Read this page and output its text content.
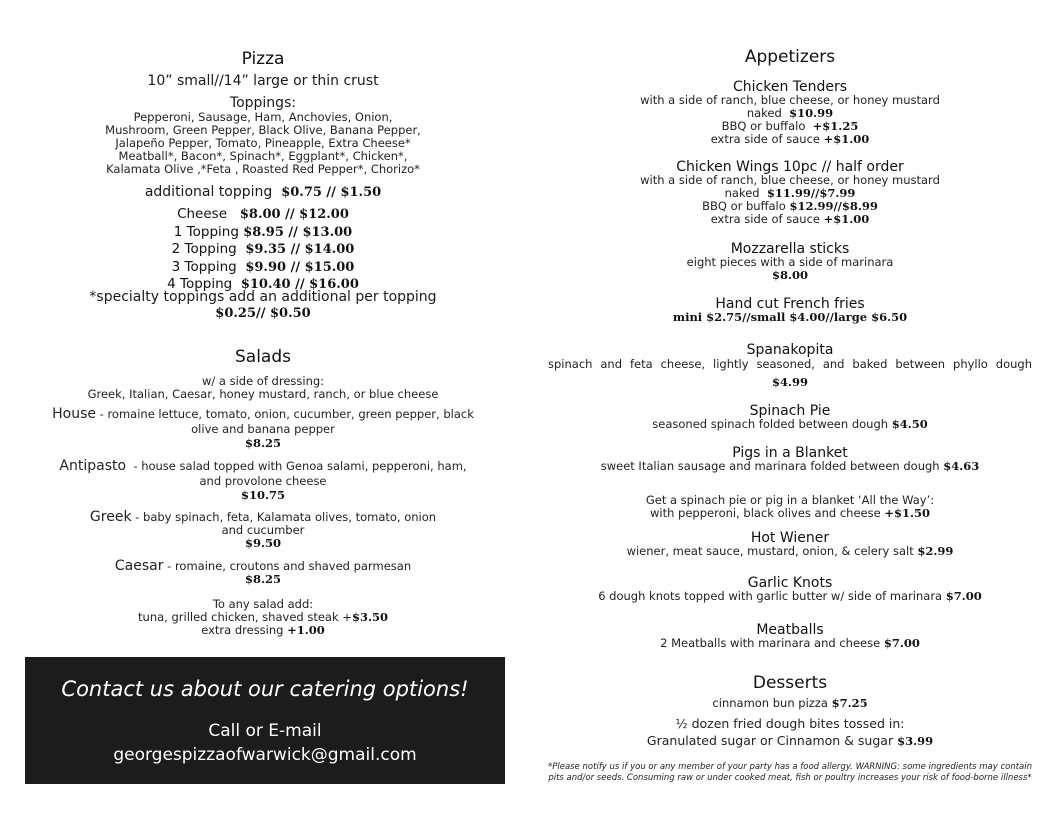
Pizza
10” small//14” large or thin crust
Toppings:
Pepperoni, Sausage, Ham, Anchovies, Onion,
Mushroom, Green Pepper, Black Olive, Banana Pepper,
Jalapeño Pepper, Tomato, Pineapple, Extra Cheese*
Meatball*, Bacon*, Spinach*, Eggplant*, Chicken*,
Kalamata Olive ,*Feta , Roasted Red Pepper*, Chorizo*
additional topping $0.75 // $1.50
Cheese $8.00 // $12.00
1 Topping $8.95 // $13.00
2 Topping $9.35 // $14.00
3 Topping $9.90 // $15.00
4 Topping $10.40 // $16.00
*specialty toppings add an additional per topping
$0.25// $0.50
Salads
w/ a side of dressing:
Greek, Italian, Caesar, honey mustard, ranch, or blue cheese
House - romaine lettuce, tomato, onion, cucumber, green pepper, black
olive and banana pepper
$8.25
Antipasto - house salad topped with Genoa salami, pepperoni, ham,
and provolone cheese
$10.75
Greek - baby spinach, feta, Kalamata olives, tomato, onion
and cucumber
$9.50
Caesar - romaine, croutons and shaved parmesan
$8.25
To any salad add:
tuna, grilled chicken, shaved steak +$3.50
extra dressing +1.00
Contact us about our catering options!
Call or E-mail
georgespizzaofwarwick@gmail.com
Appetizers
Chicken Tenders
with a side of ranch, blue cheese, or honey mustard
naked $10.99
BBQ or buffalo +$1.25
extra side of sauce +$1.00
Chicken Wings 10pc // half order
with a side of ranch, blue cheese, or honey mustard
naked $11.99//$7.99
BBQ or buffalo $12.99//$8.99
extra side of sauce +$1.00
Mozzarella sticks
eight pieces with a side of marinara
$8.00
Hand cut French fries
mini $2.75//small $4.00//large $6.50
Spanakopita
spinach and feta cheese, lightly seasoned, and baked between phyllo dough
$4.99
Spinach Pie
seasoned spinach folded between dough $4.50
Pigs in a Blanket
sweet Italian sausage and marinara folded between dough $4.63
Get a spinach pie or pig in a blanket ‘All the Way’:
with pepperoni, black olives and cheese +$1.50
Hot Wiener
wiener, meat sauce, mustard, onion, & celery salt $2.99
Garlic Knots
6 dough knots topped with garlic butter w/ side of marinara $7.00
Meatballs
2 Meatballs with marinara and cheese $7.00
Desserts
cinnamon bun pizza $7.25
½ dozen fried dough bites tossed in:
Granulated sugar or Cinnamon & sugar $3.99
*Please notify us if you or any member of your party has a food allergy. WARNING: some ingredients may contain
pits and/or seeds. Consuming raw or under cooked meat, fish or poultry increases your risk of food-borne illness*
